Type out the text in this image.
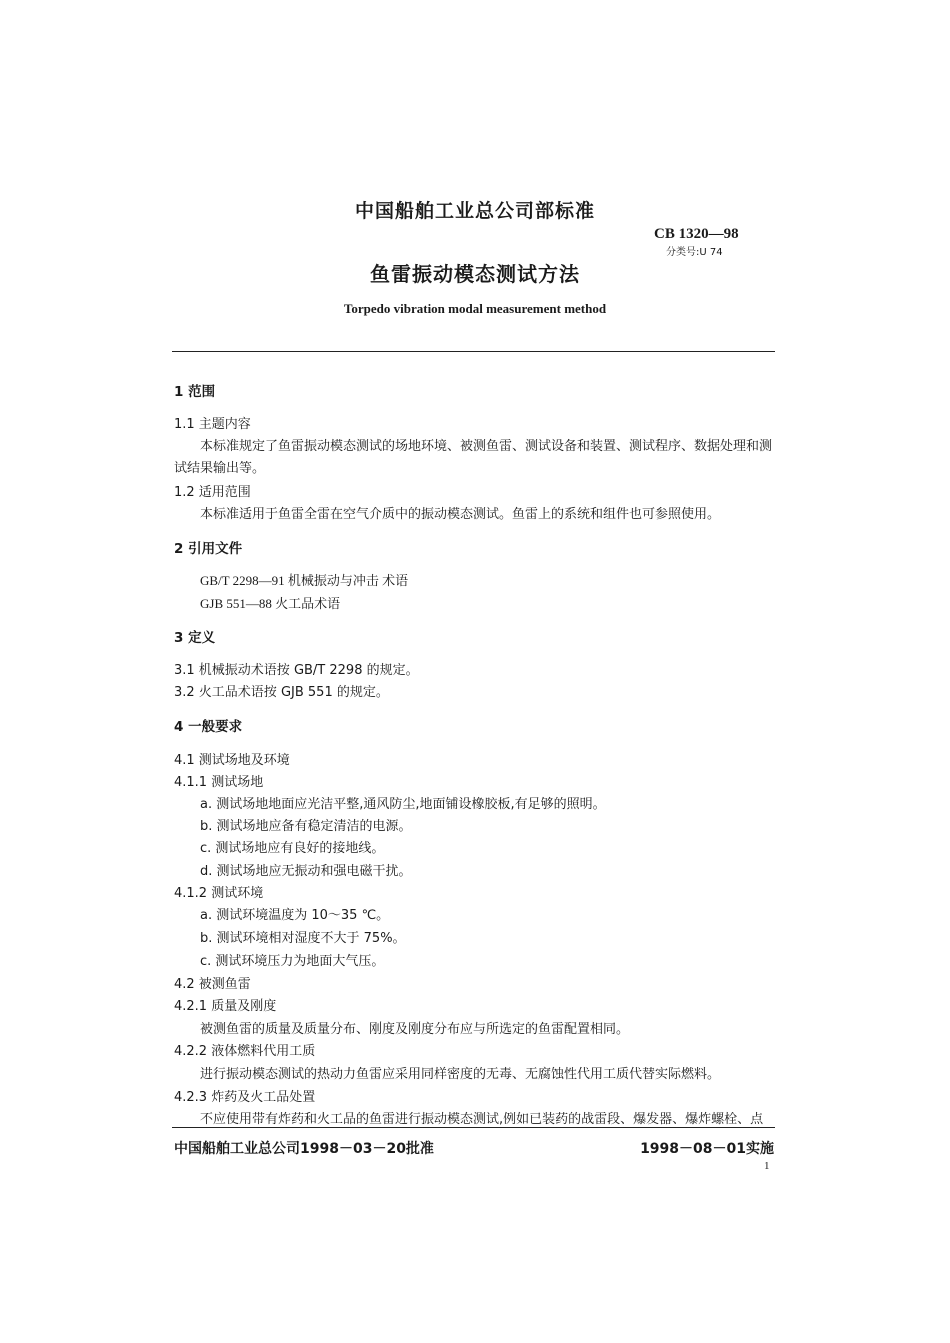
中国船舶工业总公司部标准
CB 1320—98
分类号:U 74
鱼雷振动模态测试方法
Torpedo vibration modal measurement method
1 范围
1.1 主题内容
本标准规定了鱼雷振动模态测试的场地环境、被测鱼雷、测试设备和装置、测试程序、数据处理和测
试结果输出等。
1.2 适用范围
本标准适用于鱼雷全雷在空气介质中的振动模态测试。鱼雷上的系统和组件也可参照使用。
2 引用文件
GB/T 2298—91 机械振动与冲击 术语
GJB 551—88 火工品术语
3 定义
3.1 机械振动术语按 GB/T 2298 的规定。
3.2 火工品术语按 GJB 551 的规定。
4 一般要求
4.1 测试场地及环境
4.1.1 测试场地
a. 测试场地地面应光洁平整,通风防尘,地面铺设橡胶板,有足够的照明。
b. 测试场地应备有稳定清洁的电源。
c. 测试场地应有良好的接地线。
d. 测试场地应无振动和强电磁干扰。
4.1.2 测试环境
a. 测试环境温度为 10～35 ℃。
b. 测试环境相对湿度不大于 75%。
c. 测试环境压力为地面大气压。
4.2 被测鱼雷
4.2.1 质量及刚度
被测鱼雷的质量及质量分布、刚度及刚度分布应与所选定的鱼雷配置相同。
4.2.2 液体燃料代用工质
进行振动模态测试的热动力鱼雷应采用同样密度的无毒、无腐蚀性代用工质代替实际燃料。
4.2.3 炸药及火工品处置
不应使用带有炸药和火工品的鱼雷进行振动模态测试,例如已装药的战雷段、爆发器、爆炸螺栓、点
中国船舶工业总公司1998－03－20批准	1998－08－01实施
1
